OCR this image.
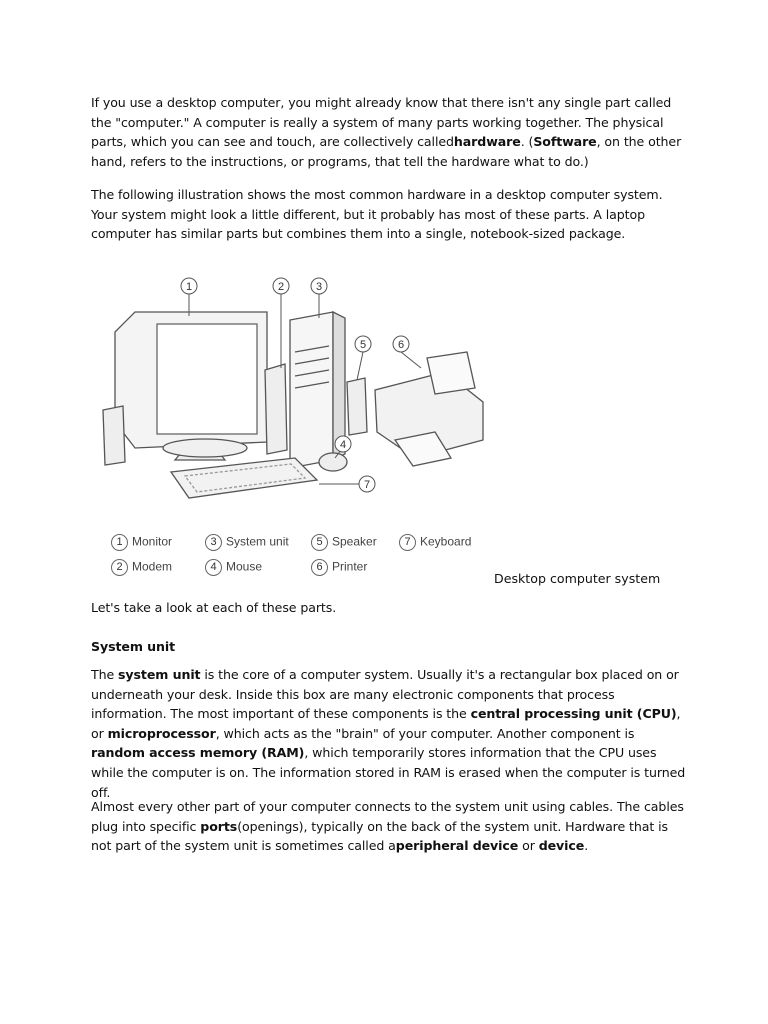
If you use a desktop computer, you might already know that there isn't any single part called the "computer." A computer is really a system of many parts working together. The physical parts, which you can see and touch, are collectively calledhardware. (Software, on the other hand, refers to the instructions, or programs, that tell the hardware what to do.)

The following illustration shows the most common hardware in a desktop computer system. Your system might look a little different, but it probably has most of these parts. A laptop computer has similar parts but combines them into a single, notebook-sized package.

1	2	3
4
5	6
7
1 Monitor
2 Modem
3 System unit
4 Mouse
5 Speaker
6 Printer
7 Keyboard
Desktop computer system

Let's take a look at each of these parts.

System unit

The system unit is the core of a computer system. Usually it's a rectangular box placed on or underneath your desk. Inside this box are many electronic components that process information. The most important of these components is the central processing unit (CPU), or microprocessor, which acts as the "brain" of your computer. Another component is random access memory (RAM), which temporarily stores information that the CPU uses while the computer is on. The information stored in RAM is erased when the computer is turned off.

Almost every other part of your computer connects to the system unit using cables. The cables plug into specific ports(openings), typically on the back of the system unit. Hardware that is not part of the system unit is sometimes called aperipheral device or device.
